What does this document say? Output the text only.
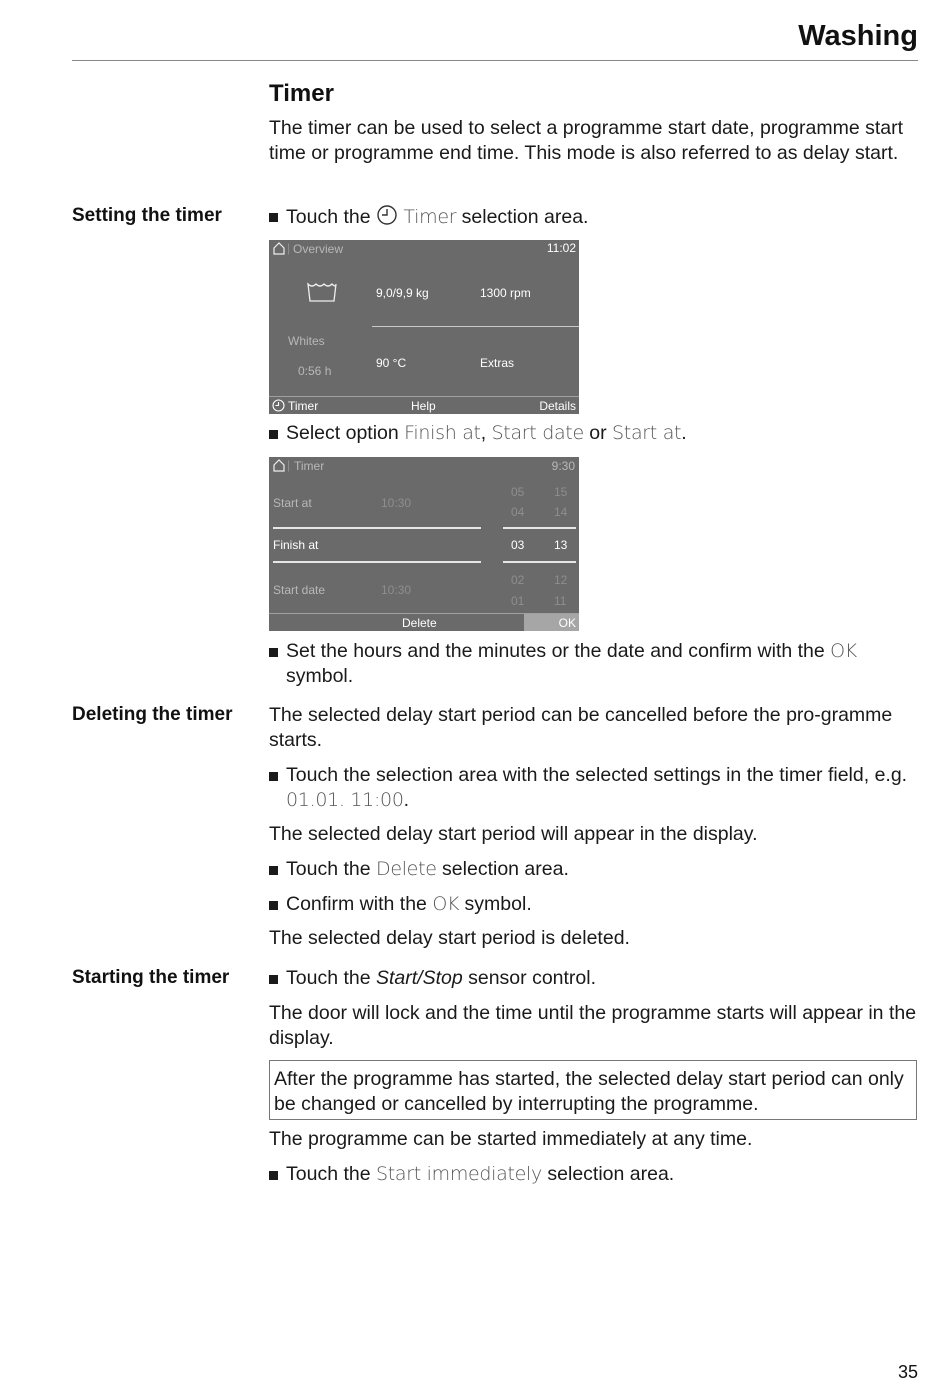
Washing
Timer
The timer can be used to select a programme start date, programme start time or programme end time. This mode is also referred to as delay start.
Setting the timer	Touch the  Timer selection area.
| Overview	11:02
Whites
0:56 h
9,0/9,9 kg	1300 rpm
90 °C	Extras
Timer	Help	Details
Select option Finish at, Start date or Start at.
| Timer	9:30
Start at	10:30
Finish at
Start date	10:30
05
04
03
02
01
15
14
13
12
11
Delete	OK
Set the hours and the minutes or the date and confirm with the OK symbol.
Deleting the timer The selected delay start period can be cancelled before the pro-gramme starts.
Touch the selection area with the selected settings in the timer field, e.g. 01.01. 11:00.
The selected delay start period will appear in the display.
Touch the Delete selection area.
Confirm with the OK symbol.
The selected delay start period is deleted.
Starting the timer	Touch the Start/Stop sensor control.
The door will lock and the time until the programme starts will appear in the display.
After the programme has started, the selected delay start period can only be changed or cancelled by interrupting the programme.
The programme can be started immediately at any time.
Touch the Start immediately selection area.
35
